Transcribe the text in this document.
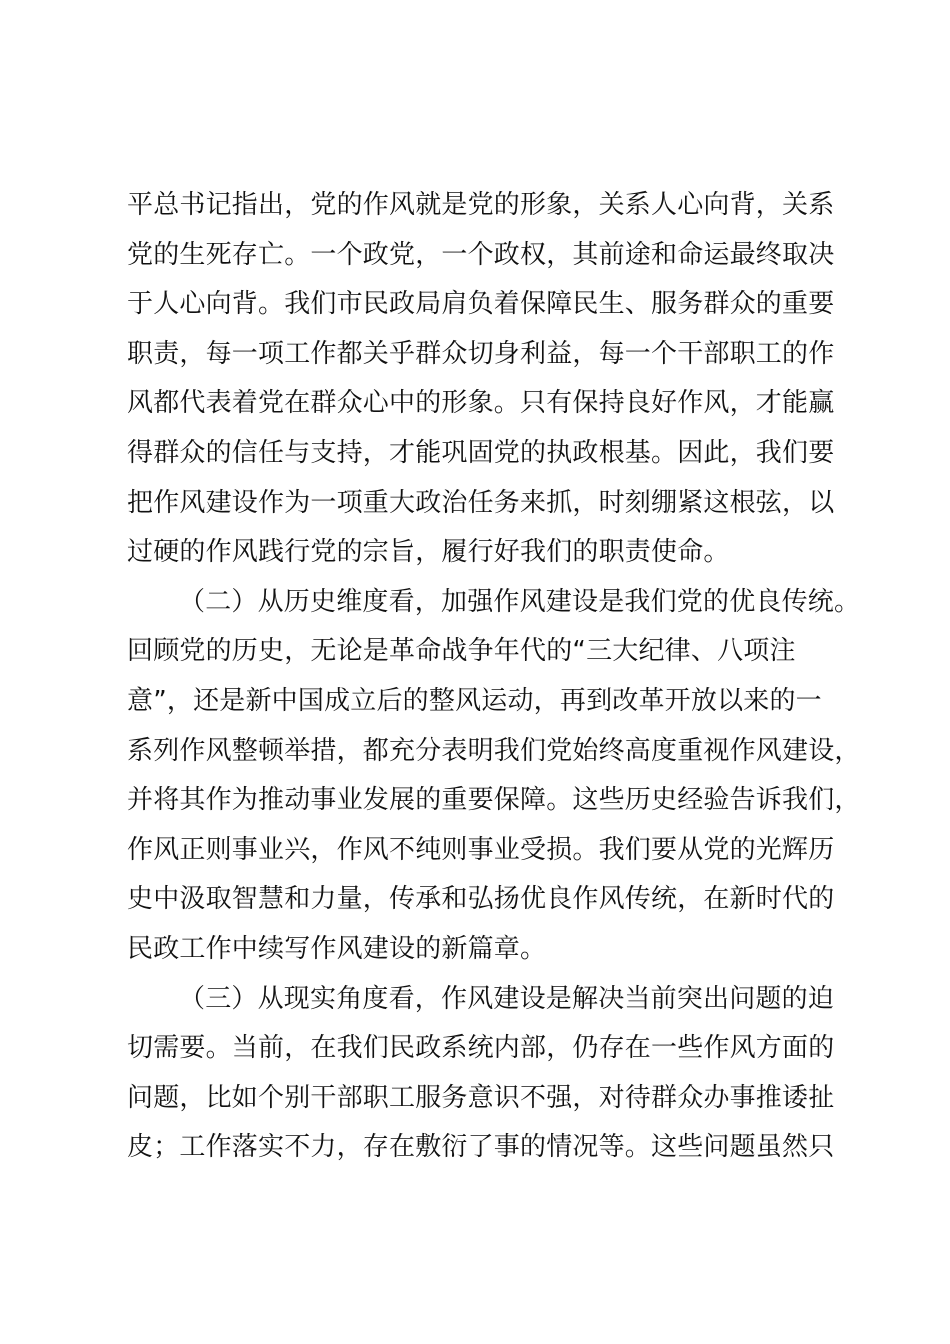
平总书记指出，党的作风就是党的形象，关系人心向背，关系
党的生死存亡。一个政党，一个政权，其前途和命运最终取决
于人心向背。我们市民政局肩负着保障民生、服务群众的重要
职责，每一项工作都关乎群众切身利益，每一个干部职工的作
风都代表着党在群众心中的形象。只有保持良好作风，才能赢
得群众的信任与支持，才能巩固党的执政根基。因此，我们要
把作风建设作为一项重大政治任务来抓，时刻绷紧这根弦，以
过硬的作风践行党的宗旨，履行好我们的职责使命。
（二）从历史维度看，加强作风建设是我们党的优良传统。
回顾党的历史，无论是革命战争年代的“三大纪律、八项注
意”，还是新中国成立后的整风运动，再到改革开放以来的一
系列作风整顿举措，都充分表明我们党始终高度重视作风建设，
并将其作为推动事业发展的重要保障。这些历史经验告诉我们，
作风正则事业兴，作风不纯则事业受损。我们要从党的光辉历
史中汲取智慧和力量，传承和弘扬优良作风传统，在新时代的
民政工作中续写作风建设的新篇章。
（三）从现实角度看，作风建设是解决当前突出问题的迫
切需要。当前，在我们民政系统内部，仍存在一些作风方面的
问题，比如个别干部职工服务意识不强，对待群众办事推诿扯
皮；工作落实不力，存在敷衍了事的情况等。这些问题虽然只
